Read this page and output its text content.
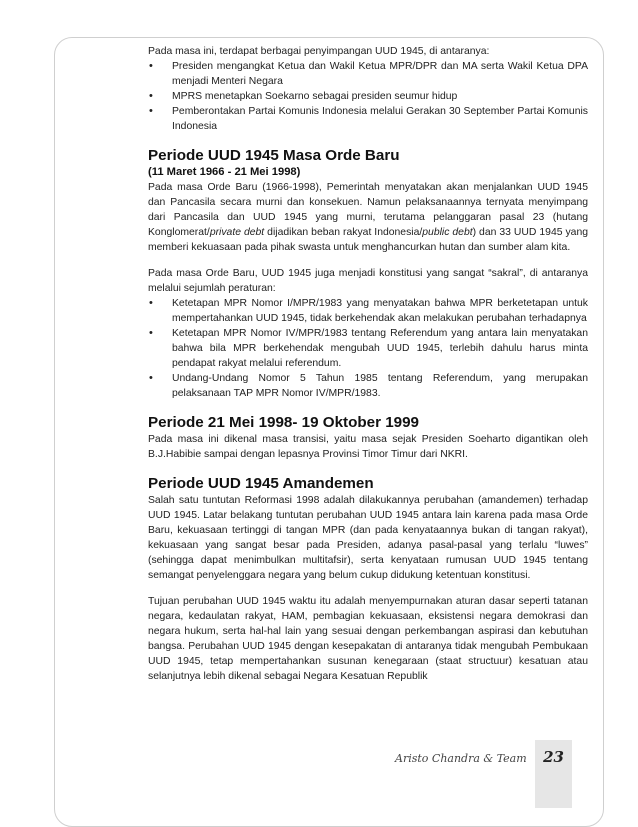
Pada masa ini, terdapat berbagai penyimpangan UUD 1945, di antaranya:

• Presiden mengangkat Ketua dan Wakil Ketua MPR/DPR dan MA serta Wakil Ketua DPA menjadi Menteri Negara
• MPRS menetapkan Soekarno sebagai presiden seumur hidup
• Pemberontakan Partai Komunis Indonesia melalui Gerakan 30 September Partai Komunis Indonesia
Periode UUD 1945 Masa Orde Baru
(11 Maret 1966 - 21 Mei 1998)

Pada masa Orde Baru (1966-1998), Pemerintah menyatakan akan menjalankan UUD 1945 dan Pancasila secara murni dan konsekuen. Namun pelaksanaannya ternyata menyimpang dari Pancasila dan UUD 1945 yang murni, terutama pelanggaran pasal 23 (hutang Konglomerat/private debt dijadikan beban rakyat Indonesia/public debt) dan 33 UUD 1945 yang memberi kekuasaan pada pihak swasta untuk menghancurkan hutan dan sumber alam kita.

Pada masa Orde Baru, UUD 1945 juga menjadi konstitusi yang sangat “sakral”, di antaranya melalui sejumlah peraturan:

• Ketetapan MPR Nomor I/MPR/1983 yang menyatakan bahwa MPR berketetapan untuk mempertahankan UUD 1945, tidak berkehendak akan melakukan perubahan terhadapnya
• Ketetapan MPR Nomor IV/MPR/1983 tentang Referendum yang antara lain menyatakan bahwa bila MPR berkehendak mengubah UUD 1945, terlebih dahulu harus minta pendapat rakyat melalui referendum.
• Undang-Undang Nomor 5 Tahun 1985 tentang Referendum, yang merupakan pelaksanaan TAP MPR Nomor IV/MPR/1983.
Periode 21 Mei 1998- 19 Oktober 1999

Pada masa ini dikenal masa transisi, yaitu masa sejak Presiden Soeharto digantikan oleh B.J.Habibie sampai dengan lepasnya Provinsi Timor Timur dari NKRI.

Periode UUD 1945 Amandemen

Salah satu tuntutan Reformasi 1998 adalah dilakukannya perubahan (amandemen) terhadap UUD 1945. Latar belakang tuntutan perubahan UUD 1945 antara lain karena pada masa Orde Baru, kekuasaan tertinggi di tangan MPR (dan pada kenyataannya bukan di tangan rakyat), kekuasaan yang sangat besar pada Presiden, adanya pasal-pasal yang terlalu “luwes” (sehingga dapat menimbulkan multitafsir), serta kenyataan rumusan UUD 1945 tentang semangat penyelenggara negara yang belum cukup didukung ketentuan konstitusi.

Tujuan perubahan UUD 1945 waktu itu adalah menyempurnakan aturan dasar seperti tatanan negara, kedaulatan rakyat, HAM, pembagian kekuasaan, eksistensi negara demokrasi dan negara hukum, serta hal-hal lain yang sesuai dengan perkembangan aspirasi dan kebutuhan bangsa. Perubahan UUD 1945 dengan kesepakatan di antaranya tidak mengubah Pembukaan UUD 1945, tetap mempertahankan susunan kenegaraan (staat structuur) kesatuan atau selanjutnya lebih dikenal sebagai Negara Kesatuan Republik

Aristo Chandra & Team	23
